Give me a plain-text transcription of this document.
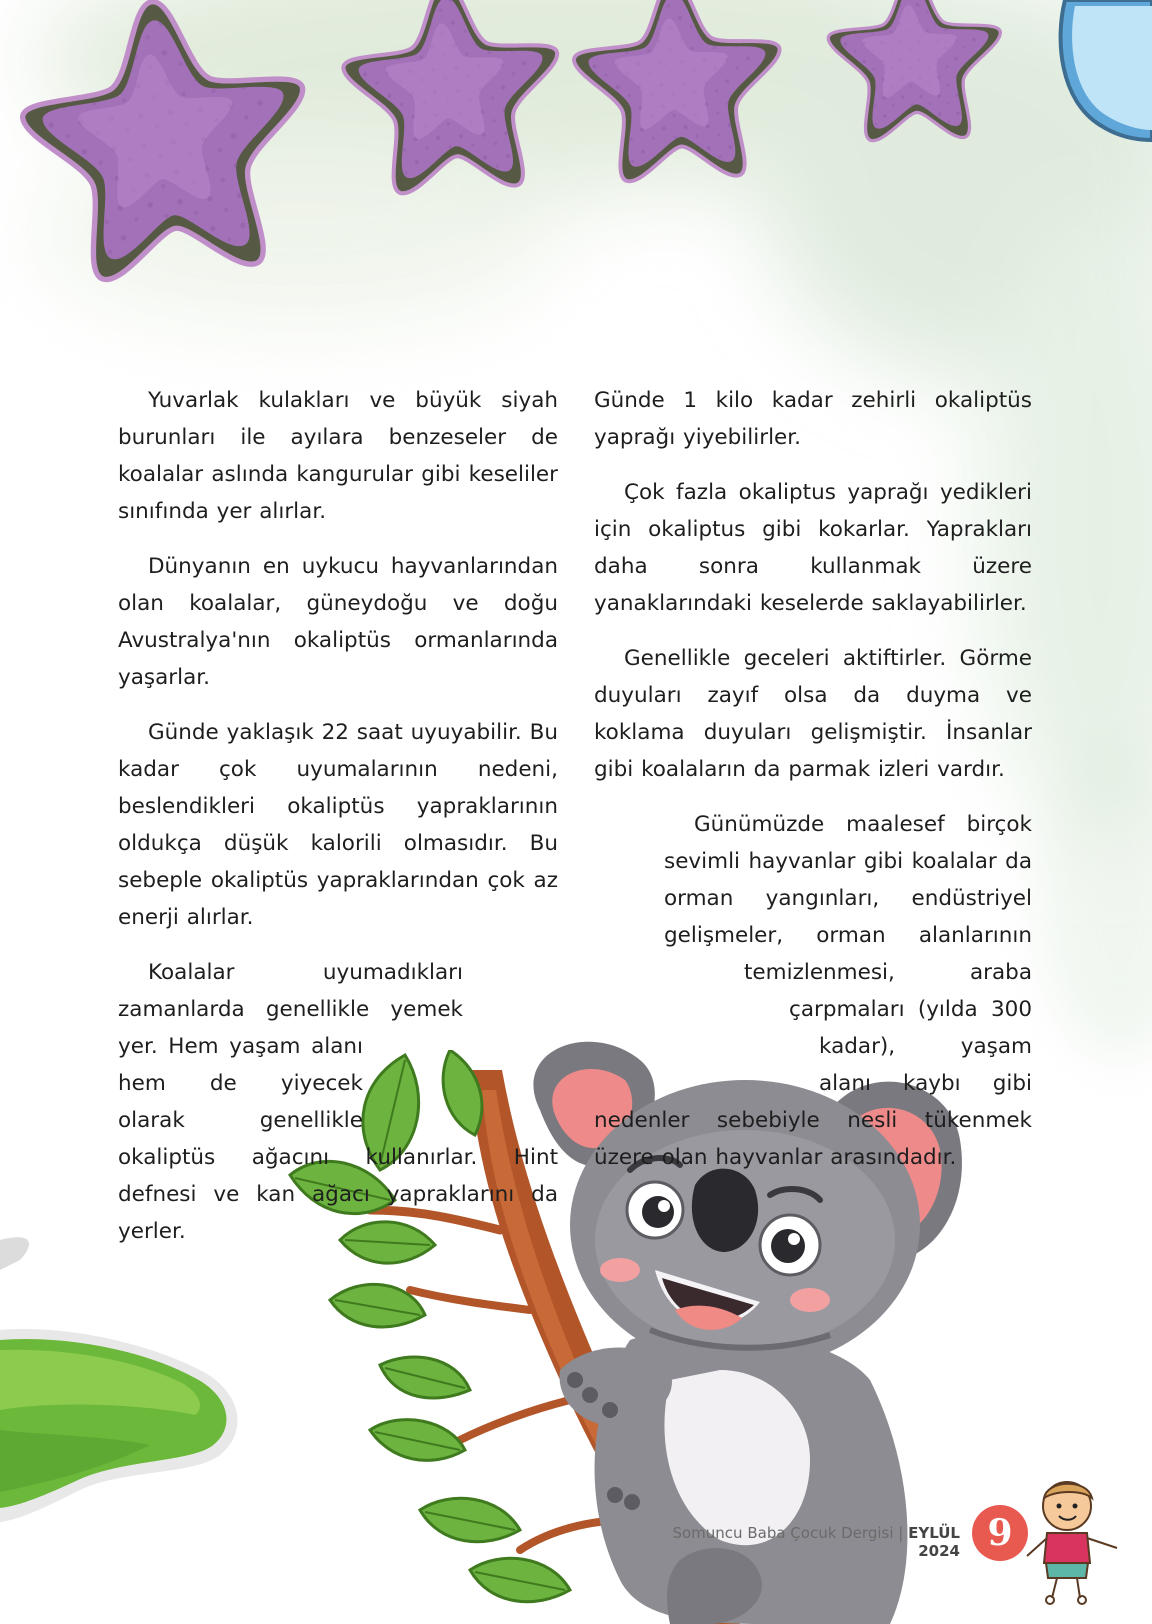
Yuvarlak kulakları ve büyük siyah burunları ile ayılara benzeseler de koalalar aslında kangurular gibi keseliler sınıfında yer alırlar.

Dünyanın en uykucu hayvanlarından olan koalalar, güneydoğu ve doğu Avustralya'nın okaliptüs ormanlarında yaşarlar.

Günde yaklaşık 22 saat uyuyabilir. Bu kadar çok uyumalarının nedeni, beslendikleri okaliptüs yapraklarının oldukça düşük kalorili olmasıdır. Bu sebeple okaliptüs yapraklarından çok az enerji alırlar.

Koalalar uyumadıkları zamanlarda genellikle yemek yer. Hem yaşam alanı hem de yiyecek olarak genellikle okaliptüs ağacını kullanırlar. Hint defnesi ve kan ağacı yapraklarını da yerler.

Günde 1 kilo kadar zehirli okaliptüs yaprağı yiyebilirler.

Çok fazla okaliptus yaprağı yedikleri için okaliptus gibi kokarlar. Yaprakları daha sonra kullanmak üzere yanaklarındaki keselerde saklayabilirler.

Genellikle geceleri aktiftirler. Görme duyuları zayıf olsa da duyma ve koklama duyuları gelişmiştir. İnsanlar gibi koalaların da parmak izleri vardır.

Günümüzde maalesef birçok sevimli hayvanlar gibi koalalar da orman yangınları, endüstriyel gelişmeler, orman alanlarının temizlenmesi, araba çarpmaları (yılda 300 kadar), yaşam alanı kaybı gibi nedenler sebebiyle nesli tükenmek üzere olan hayvanlar arasındadır.

Somuncu Baba Çocuk Dergisi | EYLÜL 2024 9
